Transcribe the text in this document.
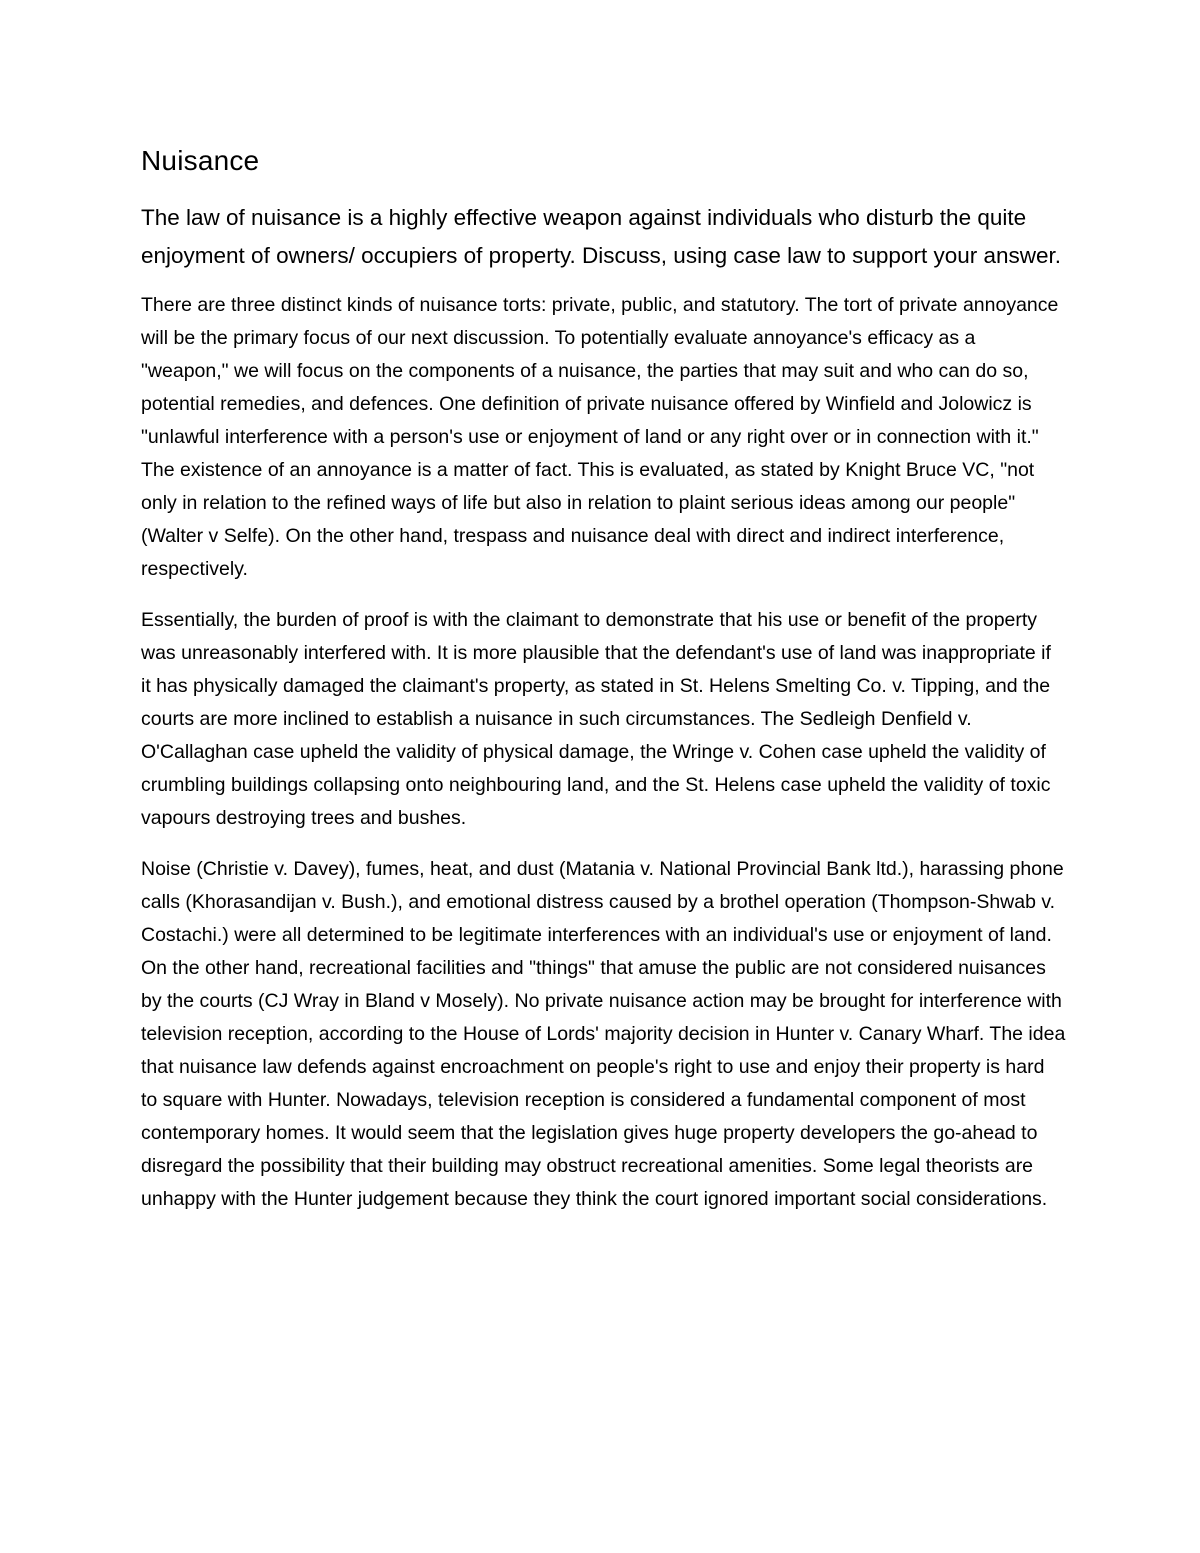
Nuisance

The law of nuisance is a highly effective weapon against individuals who disturb the quite enjoyment of owners/ occupiers of property. Discuss, using case law to support your answer.

There are three distinct kinds of nuisance torts: private, public, and statutory. The tort of private annoyance will be the primary focus of our next discussion. To potentially evaluate annoyance's efficacy as a "weapon," we will focus on the components of a nuisance, the parties that may suit and who can do so, potential remedies, and defences. One definition of private nuisance offered by Winfield and Jolowicz is "unlawful interference with a person's use or enjoyment of land or any right over or in connection with it." The existence of an annoyance is a matter of fact. This is evaluated, as stated by Knight Bruce VC, "not only in relation to the refined ways of life but also in relation to plaint serious ideas among our people" (Walter v Selfe). On the other hand, trespass and nuisance deal with direct and indirect interference, respectively.

Essentially, the burden of proof is with the claimant to demonstrate that his use or benefit of the property was unreasonably interfered with. It is more plausible that the defendant's use of land was inappropriate if it has physically damaged the claimant's property, as stated in St. Helens Smelting Co. v. Tipping, and the courts are more inclined to establish a nuisance in such circumstances. The Sedleigh Denfield v. O'Callaghan case upheld the validity of physical damage, the Wringe v. Cohen case upheld the validity of crumbling buildings collapsing onto neighbouring land, and the St. Helens case upheld the validity of toxic vapours destroying trees and bushes.

Noise (Christie v. Davey), fumes, heat, and dust (Matania v. National Provincial Bank ltd.), harassing phone calls (Khorasandijan v. Bush.), and emotional distress caused by a brothel operation (Thompson-Shwab v. Costachi.) were all determined to be legitimate interferences with an individual's use or enjoyment of land. On the other hand, recreational facilities and "things" that amuse the public are not considered nuisances by the courts (CJ Wray in Bland v Mosely). No private nuisance action may be brought for interference with television reception, according to the House of Lords' majority decision in Hunter v. Canary Wharf. The idea that nuisance law defends against encroachment on people's right to use and enjoy their property is hard to square with Hunter. Nowadays, television reception is considered a fundamental component of most contemporary homes. It would seem that the legislation gives huge property developers the go-ahead to disregard the possibility that their building may obstruct recreational amenities. Some legal theorists are unhappy with the Hunter judgement because they think the court ignored important social considerations.
